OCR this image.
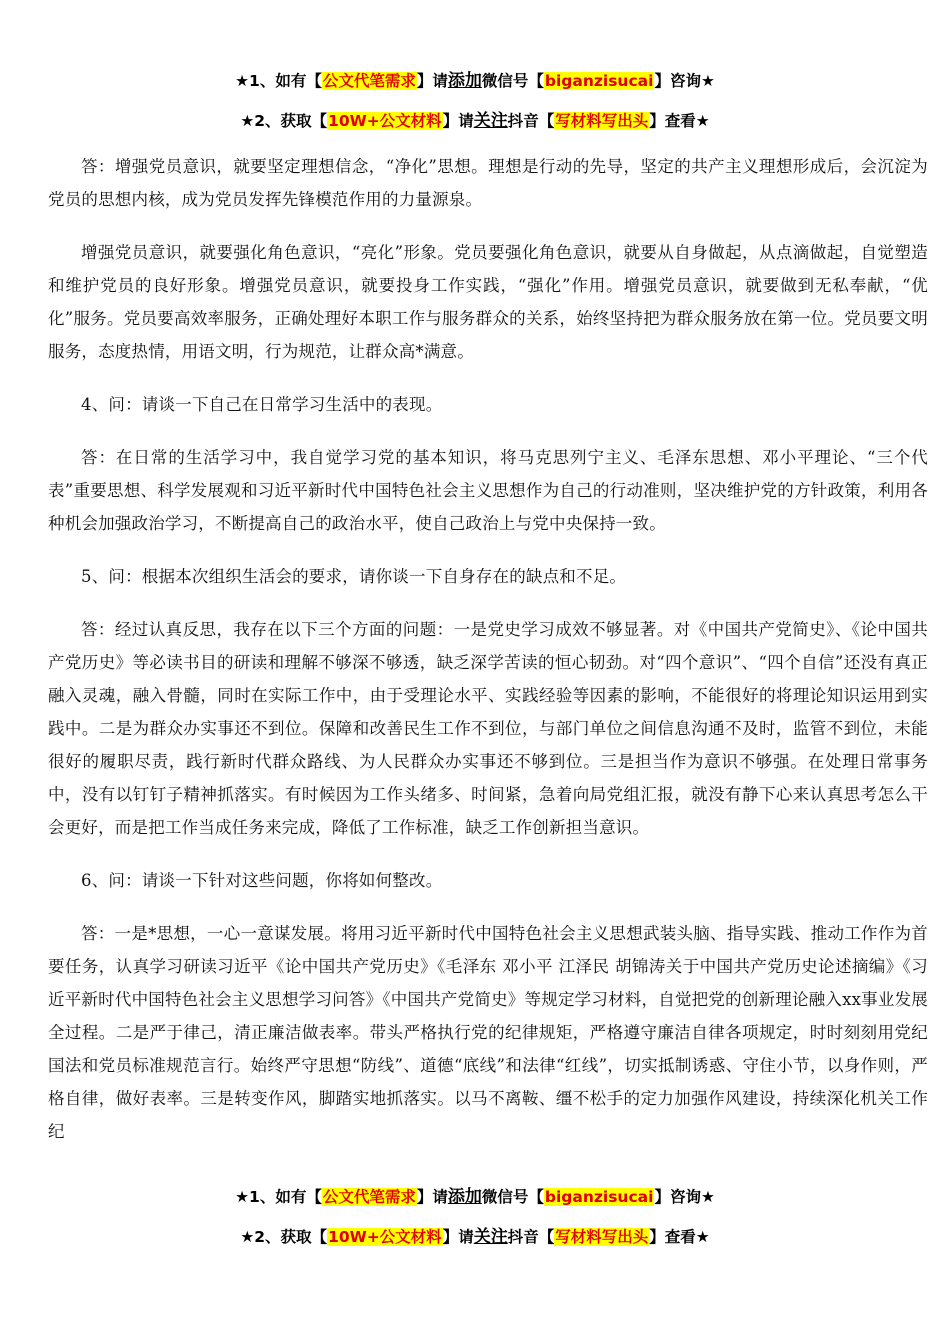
★1、如有【公文代笔需求】请添加微信号【biganzisucai】咨询★
★2、获取【10W+公文材料】请关注抖音【写材料写出头】查看★

答：增强党员意识，就要坚定理想信念，“净化”思想。理想是行动的先导，坚定的共产主义理想形成后，会沉淀为党员的思想内核，成为党员发挥先锋模范作用的力量源泉。

增强党员意识，就要强化角色意识，“亮化”形象。党员要强化角色意识，就要从自身做起，从点滴做起，自觉塑造和维护党员的良好形象。增强党员意识，就要投身工作实践，“强化”作用。增强党员意识，就要做到无私奉献，“优化”服务。党员要高效率服务，正确处理好本职工作与服务群众的关系，始终坚持把为群众服务放在第一位。党员要文明服务，态度热情，用语文明，行为规范，让群众高*满意。

4、问：请谈一下自己在日常学习生活中的表现。

答：在日常的生活学习中，我自觉学习党的基本知识，将马克思列宁主义、毛泽东思想、邓小平理论、“三个代表”重要思想、科学发展观和习近平新时代中国特色社会主义思想作为自己的行动准则，坚决维护党的方针政策，利用各种机会加强政治学习，不断提高自己的政治水平，使自己政治上与党中央保持一致。

5、问：根据本次组织生活会的要求，请你谈一下自身存在的缺点和不足。

答：经过认真反思，我存在以下三个方面的问题：一是党史学习成效不够显著。对《中国共产党简史》、《论中国共产党历史》等必读书目的研读和理解不够深不够透，缺乏深学苦读的恒心韧劲。对“四个意识”、“四个自信”还没有真正融入灵魂，融入骨髓，同时在实际工作中，由于受理论水平、实践经验等因素的影响，不能很好的将理论知识运用到实践中。二是为群众办实事还不到位。保障和改善民生工作不到位，与部门单位之间信息沟通不及时，监管不到位，未能很好的履职尽责，践行新时代群众路线、为人民群众办实事还不够到位。三是担当作为意识不够强。在处理日常事务中，没有以钉钉子精神抓落实。有时候因为工作头绪多、时间紧，急着向局党组汇报，就没有静下心来认真思考怎么干会更好，而是把工作当成任务来完成，降低了工作标准，缺乏工作创新担当意识。

6、问：请谈一下针对这些问题，你将如何整改。

答：一是*思想，一心一意谋发展。将用习近平新时代中国特色社会主义思想武装头脑、指导实践、推动工作作为首要任务，认真学习研读习近平《论中国共产党历史》《毛泽东 邓小平 江泽民 胡锦涛关于中国共产党历史论述摘编》《习近平新时代中国特色社会主义思想学习问答》《中国共产党简史》等规定学习材料，自觉把党的创新理论融入xx事业发展全过程。二是严于律己，清正廉洁做表率。带头严格执行党的纪律规矩，严格遵守廉洁自律各项规定，时时刻刻用党纪国法和党员标准规范言行。始终严守思想“防线”、道德“底线”和法律“红线”，切实抵制诱惑、守住小节，以身作则，严格自律，做好表率。三是转变作风，脚踏实地抓落实。以马不离鞍、缰不松手的定力加强作风建设，持续深化机关工作纪

★1、如有【公文代笔需求】请添加微信号【biganzisucai】咨询★
★2、获取【10W+公文材料】请关注抖音【写材料写出头】查看★
